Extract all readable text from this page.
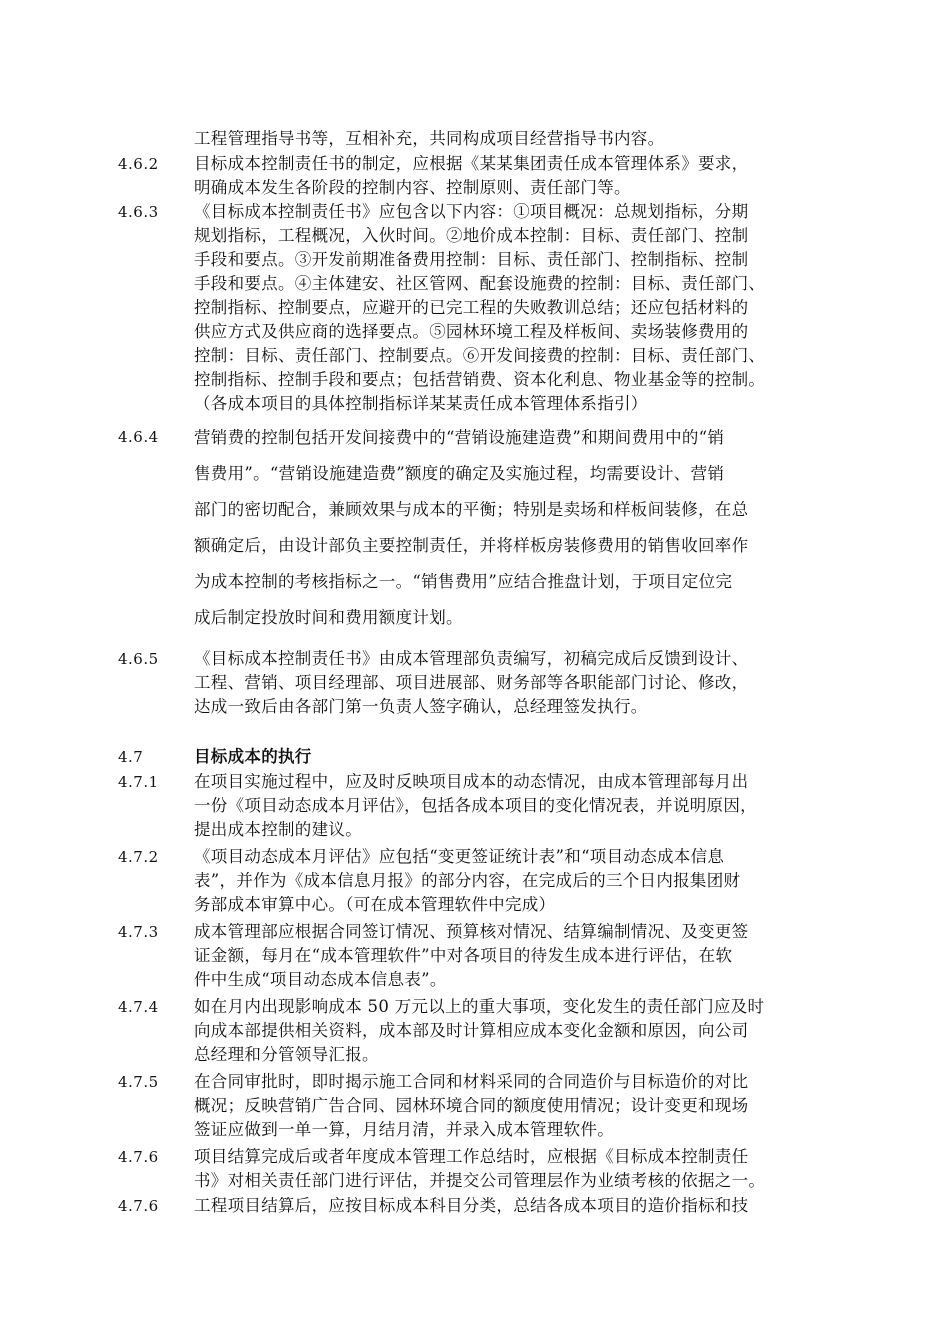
工程管理指导书等，互相补充，共同构成项目经营指导书内容。
4.6.2	目标成本控制责任书的制定，应根据《某某集团责任成本管理体系》要求，
明确成本发生各阶段的控制内容、控制原则、责任部门等。
4.6.3	《目标成本控制责任书》应包含以下内容：①项目概况：总规划指标，分期
规划指标，工程概况，入伙时间。②地价成本控制：目标、责任部门、控制
手段和要点。③开发前期准备费用控制：目标、责任部门、控制指标、控制
手段和要点。④主体建安、社区管网、配套设施费的控制：目标、责任部门、
控制指标、控制要点，应避开的已完工程的失败教训总结；还应包括材料的
供应方式及供应商的选择要点。⑤园林环境工程及样板间、卖场装修费用的
控制：目标、责任部门、控制要点。⑥开发间接费的控制：目标、责任部门、
控制指标、控制手段和要点；包括营销费、资本化利息、物业基金等的控制。
（各成本项目的具体控制指标详某某责任成本管理体系指引）
4.6.4	营销费的控制包括开发间接费中的“营销设施建造费”和期间费用中的“销
售费用”。“营销设施建造费”额度的确定及实施过程，均需要设计、营销
部门的密切配合，兼顾效果与成本的平衡；特别是卖场和样板间装修，在总
额确定后，由设计部负主要控制责任，并将样板房装修费用的销售收回率作
为成本控制的考核指标之一。“销售费用”应结合推盘计划，于项目定位完
成后制定投放时间和费用额度计划。
4.6.5	《目标成本控制责任书》由成本管理部负责编写，初稿完成后反馈到设计、
工程、营销、项目经理部、项目进展部、财务部等各职能部门讨论、修改，
达成一致后由各部门第一负责人签字确认，总经理签发执行。
4.7	目标成本的执行
4.7.1	在项目实施过程中，应及时反映项目成本的动态情况，由成本管理部每月出
一份《项目动态成本月评估》，包括各成本项目的变化情况表，并说明原因，
提出成本控制的建议。
4.7.2	《项目动态成本月评估》应包括“变更签证统计表”和“项目动态成本信息
表”，并作为《成本信息月报》的部分内容，在完成后的三个日内报集团财
务部成本审算中心。（可在成本管理软件中完成）
4.7.3	成本管理部应根据合同签订情况、预算核对情况、结算编制情况、及变更签
证金额，每月在“成本管理软件”中对各项目的待发生成本进行评估，在软
件中生成“项目动态成本信息表”。
4.7.4	如在月内出现影响成本 50 万元以上的重大事项，变化发生的责任部门应及时
向成本部提供相关资料，成本部及时计算相应成本变化金额和原因，向公司
总经理和分管领导汇报。
4.7.5	在合同审批时，即时揭示施工合同和材料采同的合同造价与目标造价的对比
概况；反映营销广告合同、园林环境合同的额度使用情况；设计变更和现场
签证应做到一单一算，月结月清，并录入成本管理软件。
4.7.6	项目结算完成后或者年度成本管理工作总结时，应根据《目标成本控制责任
书》对相关责任部门进行评估，并提交公司管理层作为业绩考核的依据之一。
4.7.6	工程项目结算后，应按目标成本科目分类，总结各成本项目的造价指标和技
